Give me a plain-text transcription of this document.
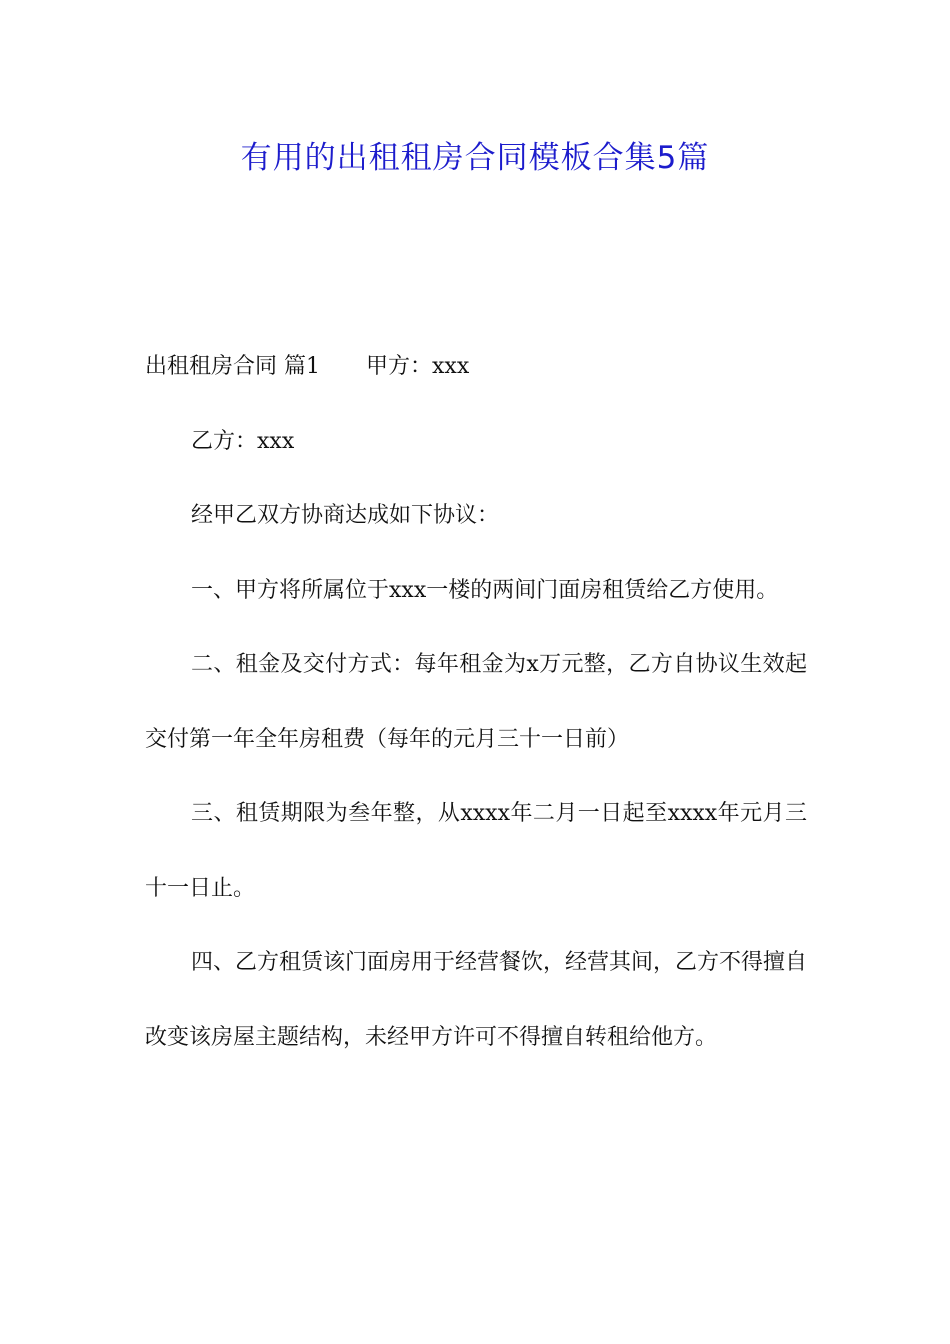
有用的出租租房合同模板合集5篇

出租租房合同 篇1 甲方：xxx

乙方：xxx

经甲乙双方协商达成如下协议：

一、甲方将所属位于xxx一楼的两间门面房租赁给乙方使用。

二、租金及交付方式：每年租金为x万元整，乙方自协议生效起交付第一年全年房租费（每年的元月三十一日前）

三、租赁期限为叁年整，从xxxx年二月一日起至xxxx年元月三十一日止。

四、乙方租赁该门面房用于经营餐饮，经营其间，乙方不得擅自改变该房屋主题结构，未经甲方许可不得擅自转租给他方。
